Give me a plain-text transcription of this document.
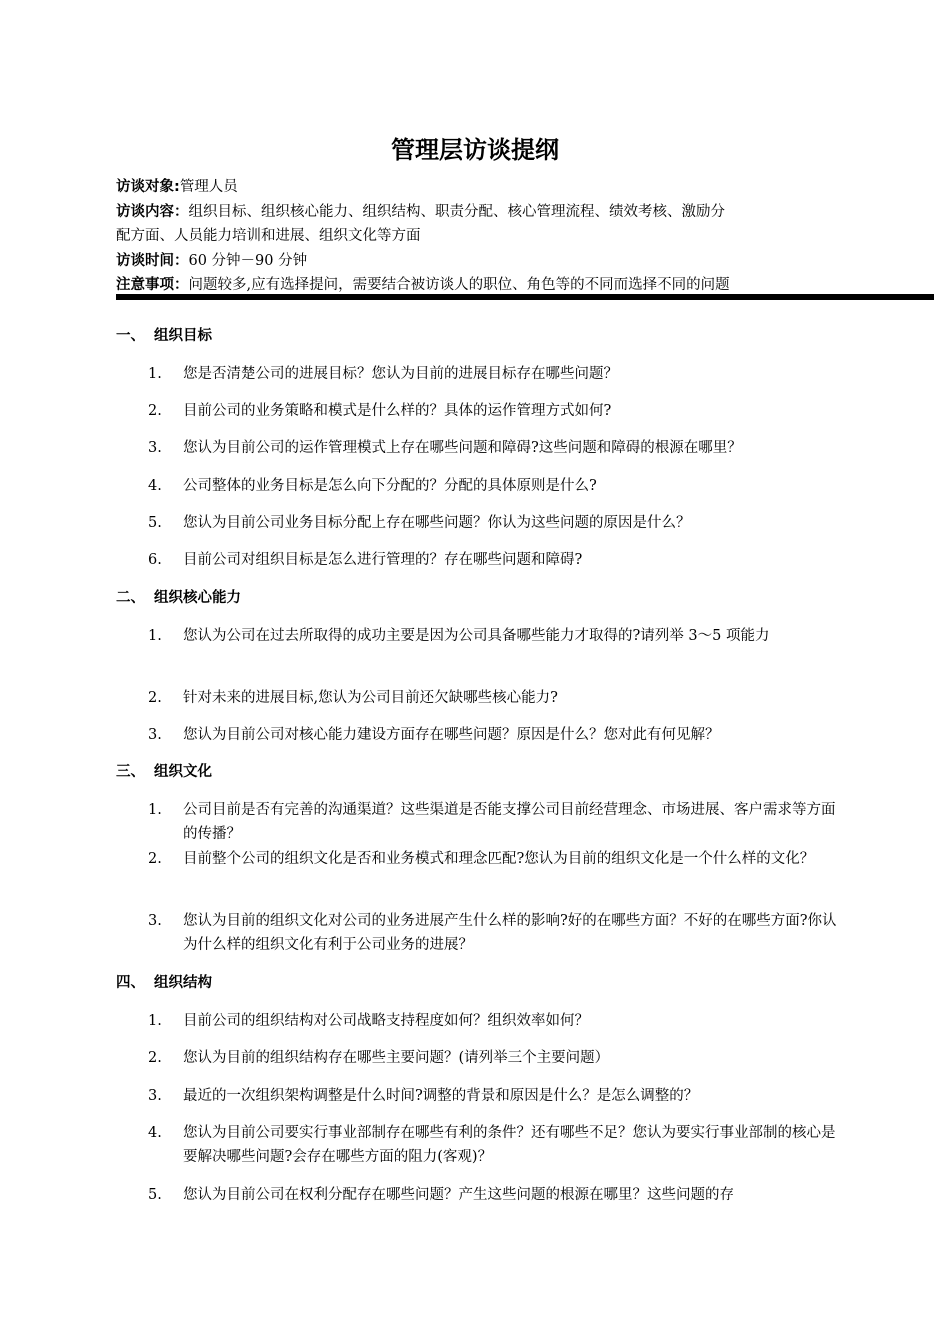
管理层访谈提纲
访谈对象:管理人员
访谈内容：组织目标、组织核心能力、组织结构、职责分配、核心管理流程、绩效考核、激励分
配方面、人员能力培训和进展、组织文化等方面
访谈时间：60 分钟－90 分钟
注意事项：问题较多,应有选择提问，需要结合被访谈人的职位、角色等的不同而选择不同的问题
一、 组织目标
1.	您是否清楚公司的进展目标？您认为目前的进展目标存在哪些问题？
2.	目前公司的业务策略和模式是什么样的？具体的运作管理方式如何?
3.	您认为目前公司的运作管理模式上存在哪些问题和障碍?这些问题和障碍的根源在哪里？
4.	公司整体的业务目标是怎么向下分配的？分配的具体原则是什么?
5.	您认为目前公司业务目标分配上存在哪些问题？你认为这些问题的原因是什么？
6.	目前公司对组织目标是怎么进行管理的？存在哪些问题和障碍?
二、 组织核心能力
1.	您认为公司在过去所取得的成功主要是因为公司具备哪些能力才取得的?请列举 3～5 项能力
2.	针对未来的进展目标,您认为公司目前还欠缺哪些核心能力?
3.	您认为目前公司对核心能力建设方面存在哪些问题？原因是什么？您对此有何见解？
三、 组织文化
1.	公司目前是否有完善的沟通渠道？这些渠道是否能支撑公司目前经营理念、市场进展、客户需求等方面的传播？
2.	目前整个公司的组织文化是否和业务模式和理念匹配?您认为目前的组织文化是一个什么样的文化？
3.	您认为目前的组织文化对公司的业务进展产生什么样的影响?好的在哪些方面？不好的在哪些方面?你认为什么样的组织文化有利于公司业务的进展？
四、 组织结构
1.	目前公司的组织结构对公司战略支持程度如何？组织效率如何？
2.	您认为目前的组织结构存在哪些主要问题？(请列举三个主要问题）
3.	最近的一次组织架构调整是什么时间?调整的背景和原因是什么？是怎么调整的？
4.	您认为目前公司要实行事业部制存在哪些有利的条件？还有哪些不足？您认为要实行事业部制的核心是要解决哪些问题?会存在哪些方面的阻力(客观)？
5.	您认为目前公司在权利分配存在哪些问题？产生这些问题的根源在哪里？这些问题的存
